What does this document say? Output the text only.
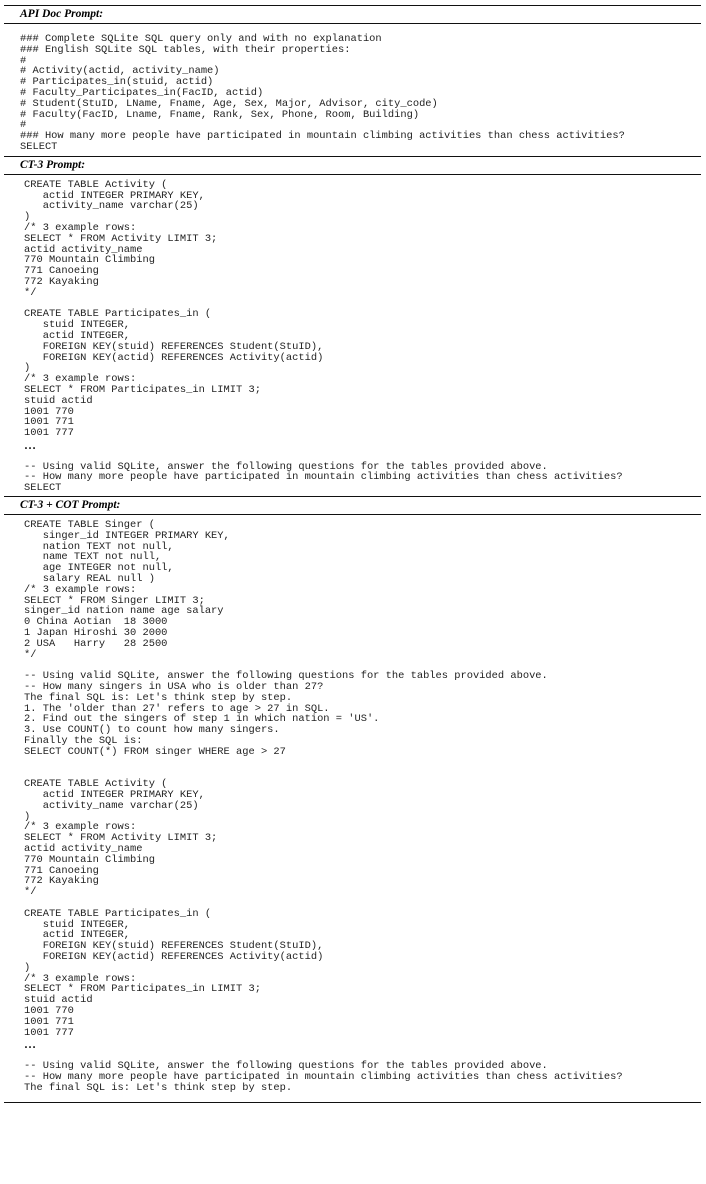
API Doc Prompt:
### Complete SQLite SQL query only and with no explanation
### English SQLite SQL tables, with their properties:
#
# Activity(actid, activity_name)
# Participates_in(stuid, actid)
# Faculty_Participates_in(FacID, actid)
# Student(StuID, LName, Fname, Age, Sex, Major, Advisor, city_code)
# Faculty(FacID, Lname, Fname, Rank, Sex, Phone, Room, Building)
#
### How many more people have participated in mountain climbing activities than chess activities?
SELECT
CT-3 Prompt:
CREATE TABLE Activity (
actid INTEGER PRIMARY KEY,
activity_name varchar(25)
)
/* 3 example rows:
SELECT * FROM Activity LIMIT 3;
actid activity_name
770 Mountain Climbing
771 Canoeing
772 Kayaking
*/

CREATE TABLE Participates_in (
stuid INTEGER,
actid INTEGER,
FOREIGN KEY(stuid) REFERENCES Student(StuID),
FOREIGN KEY(actid) REFERENCES Activity(actid)
)
/* 3 example rows:
SELECT * FROM Participates_in LIMIT 3;
stuid actid
1001 770
1001 771
1001 777

…

-- Using valid SQLite, answer the following questions for the tables provided above.
-- How many more people have participated in mountain climbing activities than chess activities?
SELECT
CT-3 + COT Prompt:
CREATE TABLE Singer (
singer_id INTEGER PRIMARY KEY,
nation TEXT not null,
name TEXT not null,
age INTEGER not null,
salary REAL null )
/* 3 example rows:
SELECT * FROM Singer LIMIT 3;
singer_id nation name age salary
0 China Aotian  18 3000
1 Japan Hiroshi 30 2000
2 USA   Harry   28 2500
*/

-- Using valid SQLite, answer the following questions for the tables provided above.
-- How many singers in USA who is older than 27?
The final SQL is: Let's think step by step.
1. The 'older than 27' refers to age > 27 in SQL.
2. Find out the singers of step 1 in which nation = 'US'.
3. Use COUNT() to count how many singers.
Finally the SQL is:
SELECT COUNT(*) FROM singer WHERE age > 27

CREATE TABLE Activity (
actid INTEGER PRIMARY KEY,
activity_name varchar(25)
)
/* 3 example rows:
SELECT * FROM Activity LIMIT 3;
actid activity_name
770 Mountain Climbing
771 Canoeing
772 Kayaking
*/

CREATE TABLE Participates_in (
stuid INTEGER,
actid INTEGER,
FOREIGN KEY(stuid) REFERENCES Student(StuID),
FOREIGN KEY(actid) REFERENCES Activity(actid)
)
/* 3 example rows:
SELECT * FROM Participates_in LIMIT 3;
stuid actid
1001 770
1001 771
1001 777

…

-- Using valid SQLite, answer the following questions for the tables provided above.
-- How many more people have participated in mountain climbing activities than chess activities?
The final SQL is: Let's think step by step.
